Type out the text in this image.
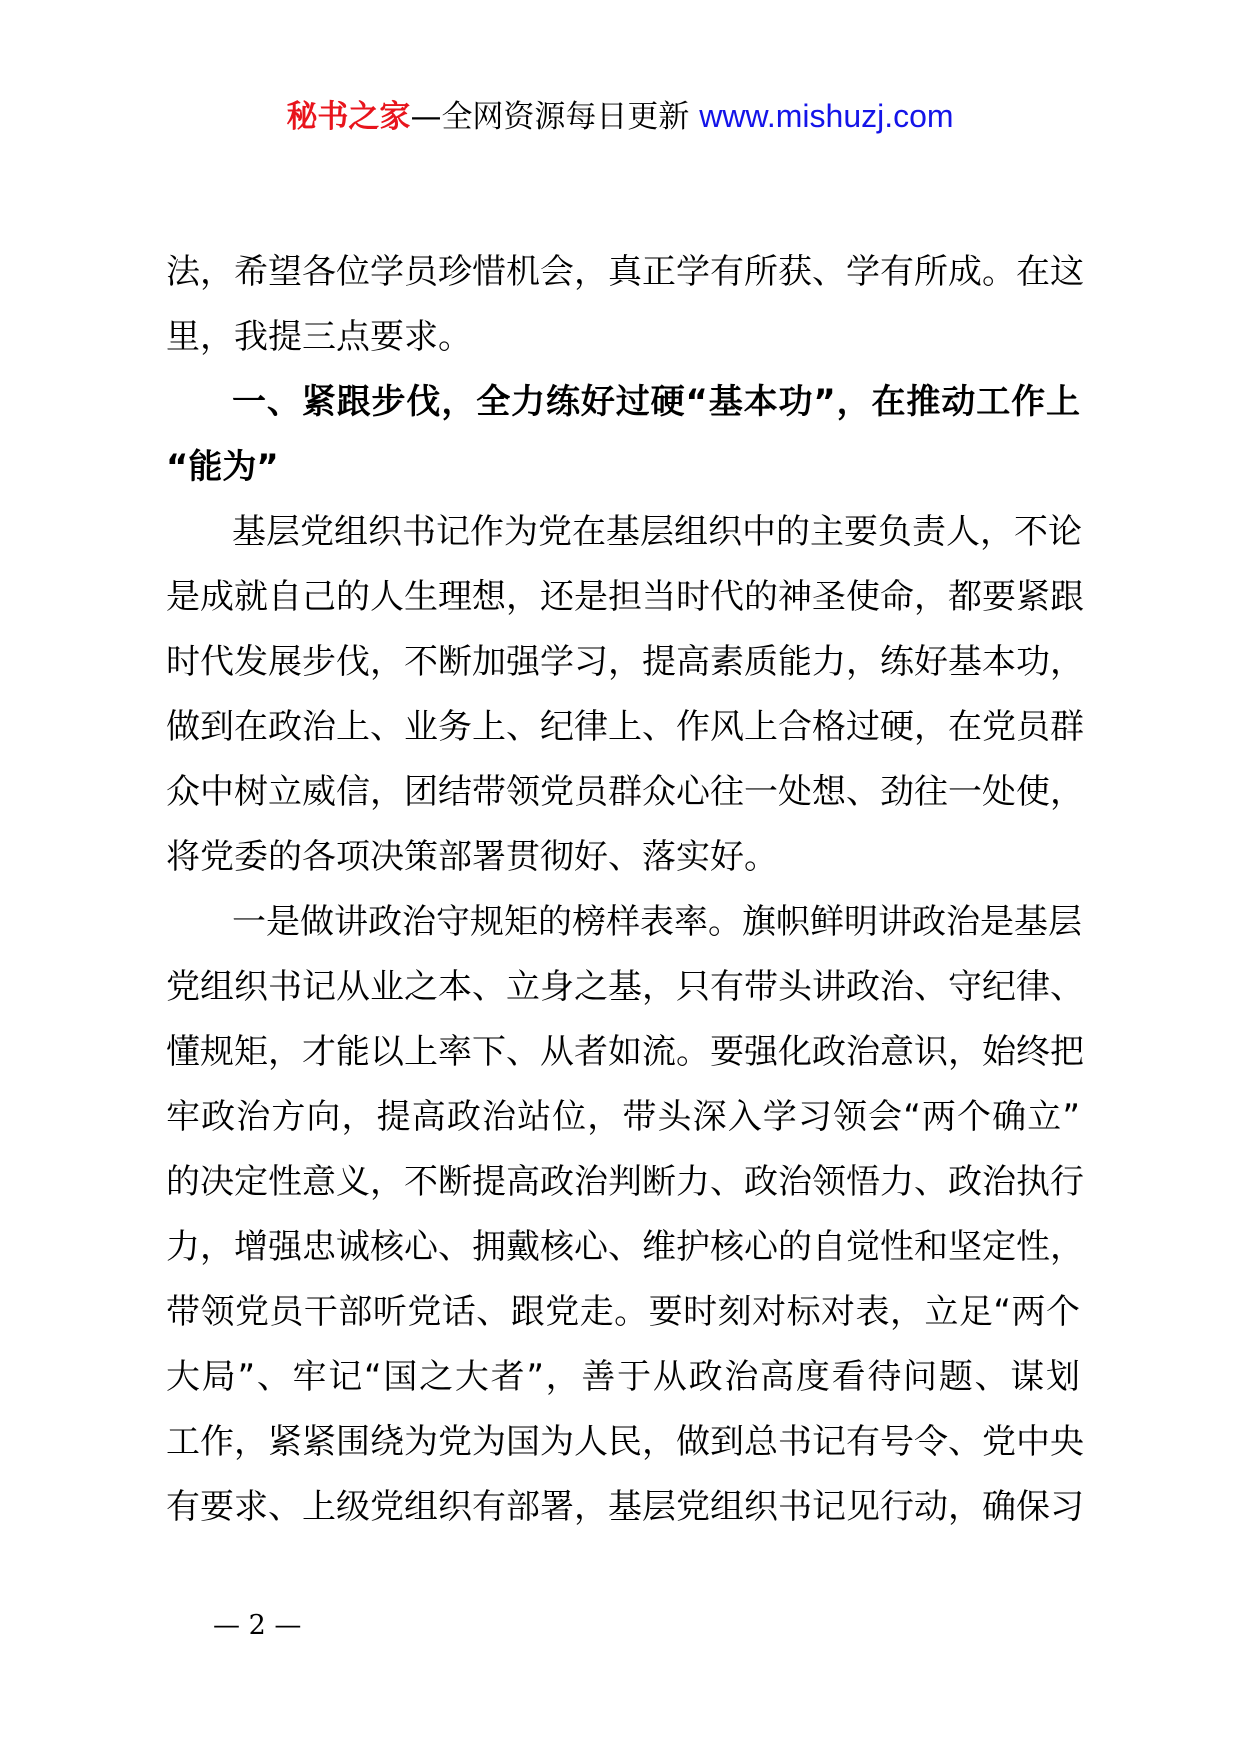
秘书之家—全网资源每日更新 www.mishuzj.com
法，希望各位学员珍惜机会，真正学有所获、学有所成。在这
里，我提三点要求。
一、紧跟步伐，全力练好过硬“基本功”，在推动工作上
“能为”
基层党组织书记作为党在基层组织中的主要负责人，不论
是成就自己的人生理想，还是担当时代的神圣使命，都要紧跟
时代发展步伐，不断加强学习，提高素质能力，练好基本功，
做到在政治上、业务上、纪律上、作风上合格过硬，在党员群
众中树立威信，团结带领党员群众心往一处想、劲往一处使，
将党委的各项决策部署贯彻好、落实好。
一是做讲政治守规矩的榜样表率。旗帜鲜明讲政治是基层
党组织书记从业之本、立身之基，只有带头讲政治、守纪律、
懂规矩，才能以上率下、从者如流。要强化政治意识，始终把
牢政治方向，提高政治站位，带头深入学习领会“两个确立”
的决定性意义，不断提高政治判断力、政治领悟力、政治执行
力，增强忠诚核心、拥戴核心、维护核心的自觉性和坚定性，
带领党员干部听党话、跟党走。要时刻对标对表，立足“两个
大局”、牢记“国之大者”，善于从政治高度看待问题、谋划
工作，紧紧围绕为党为国为人民，做到总书记有号令、党中央
有要求、上级党组织有部署，基层党组织书记见行动，确保习
— 2 —
